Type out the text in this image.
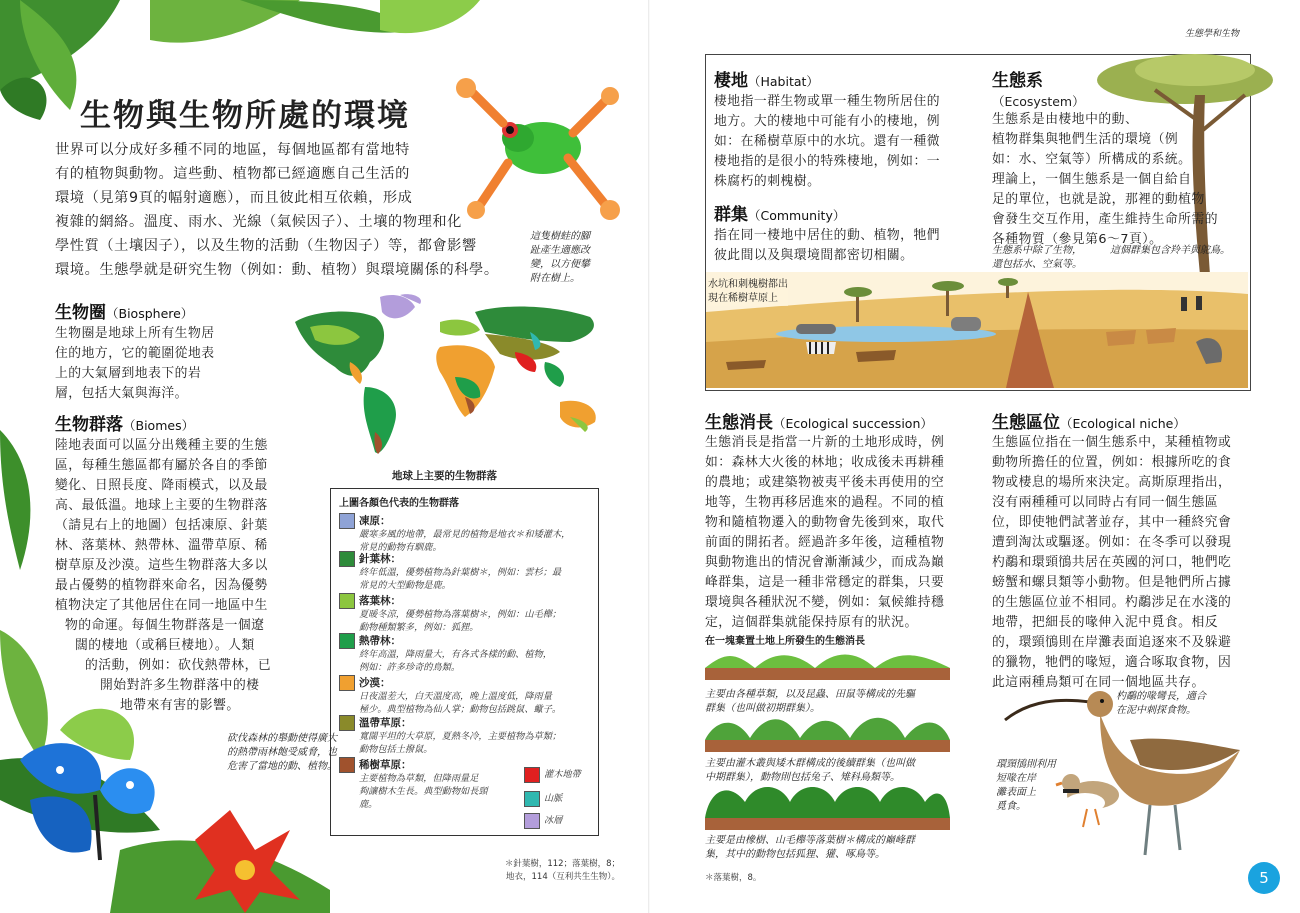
生物與生物所處的環境

世界可以分成好多種不同的地區，每個地區都有當地特

有的植物與動物。這些動、植物都已經適應自己生活的

環境（見第9頁的幅射適應），而且彼此相互依賴，形成

複雜的網絡。溫度、雨水、光線（氣候因子）、土壤的物理和化

學性質（土壤因子），以及生物的活動（生物因子）等，都會影響

環境。生態學就是研究生物（例如：動、植物）與環境關係的科學。

這隻樹蛙的腳

趾產生適應改

變，以方便攀

附在樹上。

生物圈（Biosphere）

生物圈是地球上所有生物居

住的地方，它的範圍從地表

上的大氣層到地表下的岩

層，包括大氣與海洋。

地球上主要的生物群落
生物群落（Biomes）

陸地表面可以區分出幾種主要的生態

區，每種生態區都有屬於各自的季節

變化、日照長度、降雨模式，以及最

高、最低溫。地球上主要的生物群落

（請見右上的地圖）包括凍原、針葉

林、落葉林、熱帶林、溫帶草原、稀

樹草原及沙漠。這些生物群落大多以

最占優勢的植物群來命名，因為優勢

植物決定了其他居住在同一地區中生

物的命運。每個生物群落是一個遼

闊的棲地（或稱巨棲地）。人類

的活動，例如：砍伐熱帶林，已

開始對許多生物群落中的棲

地帶來有害的影響。

上圖各顏色代表的生物群落
凍原：
嚴寒多風的地帶，最常見的植物是地衣＊和矮灌木，
常見的動物有馴鹿。
針葉林：
終年低溫，優勢植物為針葉樹＊，例如：雲杉；最
常見的大型動物是鹿。
落葉林：
夏暖冬涼，優勢植物為落葉樹＊，例如：山毛櫸；
動物種類繁多，例如：狐狸。
熱帶林：
終年高溫，降雨量大，有各式各樣的動、植物，
例如：許多珍奇的鳥類。
沙漠：
日夜溫差大，白天溫度高，晚上溫度低，降雨量
極少。典型植物為仙人掌；動物包括跳鼠、蠍子。
溫帶草原：
寬闊平坦的大草原，夏熱冬冷，主要植物為草類；
動物包括土撥鼠。
稀樹草原：
主要植物為草類，但降雨量足
夠讓樹木生長。典型動物如長頸
鹿。
灌木地帶
山脈
冰層

砍伐森林的舉動使得廣大

的熱帶雨林飽受威脅，也

危害了當地的動、植物。

＊針葉樹，112；落葉樹，8；

地衣，114（互利共生生物）。

生態學和生物
棲地（Habitat）

棲地指一群生物或單一種生物所居住的

地方。大的棲地中可能有小的棲地，例

如：在稀樹草原中的水坑。還有一種微

棲地指的是很小的特殊棲地，例如：一

株腐朽的刺槐樹。

群集（Community）

指在同一棲地中居住的動、植物，牠們

彼此間以及與環境間都密切相關。

生態系
（Ecosystem）

生態系是由棲地中的動、

植物群集與牠們生活的環境（例

如：水、空氣等）所構成的系統。

理論上，一個生態系是一個自給自

足的單位，也就是說，那裡的動植物

會發生交互作用，產生維持生命所需的

各種物質（參見第6～7頁）。

生態系中除了生物，

還包括水、空氣等。

這個群集包含羚羊與鴕鳥。

水坑和刺槐樹都出

現在稀樹草原上

生態消長（Ecological succession）

生態消長是指當一片新的土地形成時，例

如：森林大火後的林地；收成後未再耕種

的農地；或建築物被夷平後未再使用的空

地等，生物再移居進來的過程。不同的植

物和隨植物遷入的動物會先後到來，取代

前面的開拓者。經過許多年後，這種植物

與動物進出的情況會漸漸減少，而成為巔

峰群集，這是一種非常穩定的群集，只要

環境與各種狀況不變，例如：氣候維持穩

定，這個群集就能保持原有的狀況。

在一塊棄置土地上所發生的生態消長

主要由各種草類，以及昆蟲、田鼠等構成的先驅

群集（也叫做初期群集）。

主要由灌木叢與矮木群構成的後續群集（也叫做

中期群集），動物則包括兔子、雉科鳥類等。

主要是由橡樹、山毛櫸等落葉樹＊構成的巔峰群

集，其中的動物包括狐狸、獾、啄鳥等。

＊落葉樹，8。
生態區位（Ecological niche）

生態區位指在一個生態系中，某種植物或

動物所擔任的位置，例如：根據所吃的食

物或棲息的場所來決定。高斯原理指出，

沒有兩種種可以同時占有同一個生態區

位，即使牠們試著並存，其中一種終究會

遭到淘汰或驅逐。例如：在冬季可以發現

杓鷸和環頸鴴共居在英國的河口，牠們吃

螃蟹和螺貝類等小動物。但是牠們所占據

的生態區位並不相同。杓鷸涉足在水淺的

地帶，把細長的喙伸入泥中覓食。相反

的，環頸鴴則在岸灘表面追逐來不及躲避

的獵物，牠們的喙短，適合啄取食物，因

此這兩種鳥類可在同一個地區共存。

杓鷸的喙彎長，適合

在泥中刺探食物。

環頸鴴則利用

短喙在岸

灘表面上

覓食。

5
